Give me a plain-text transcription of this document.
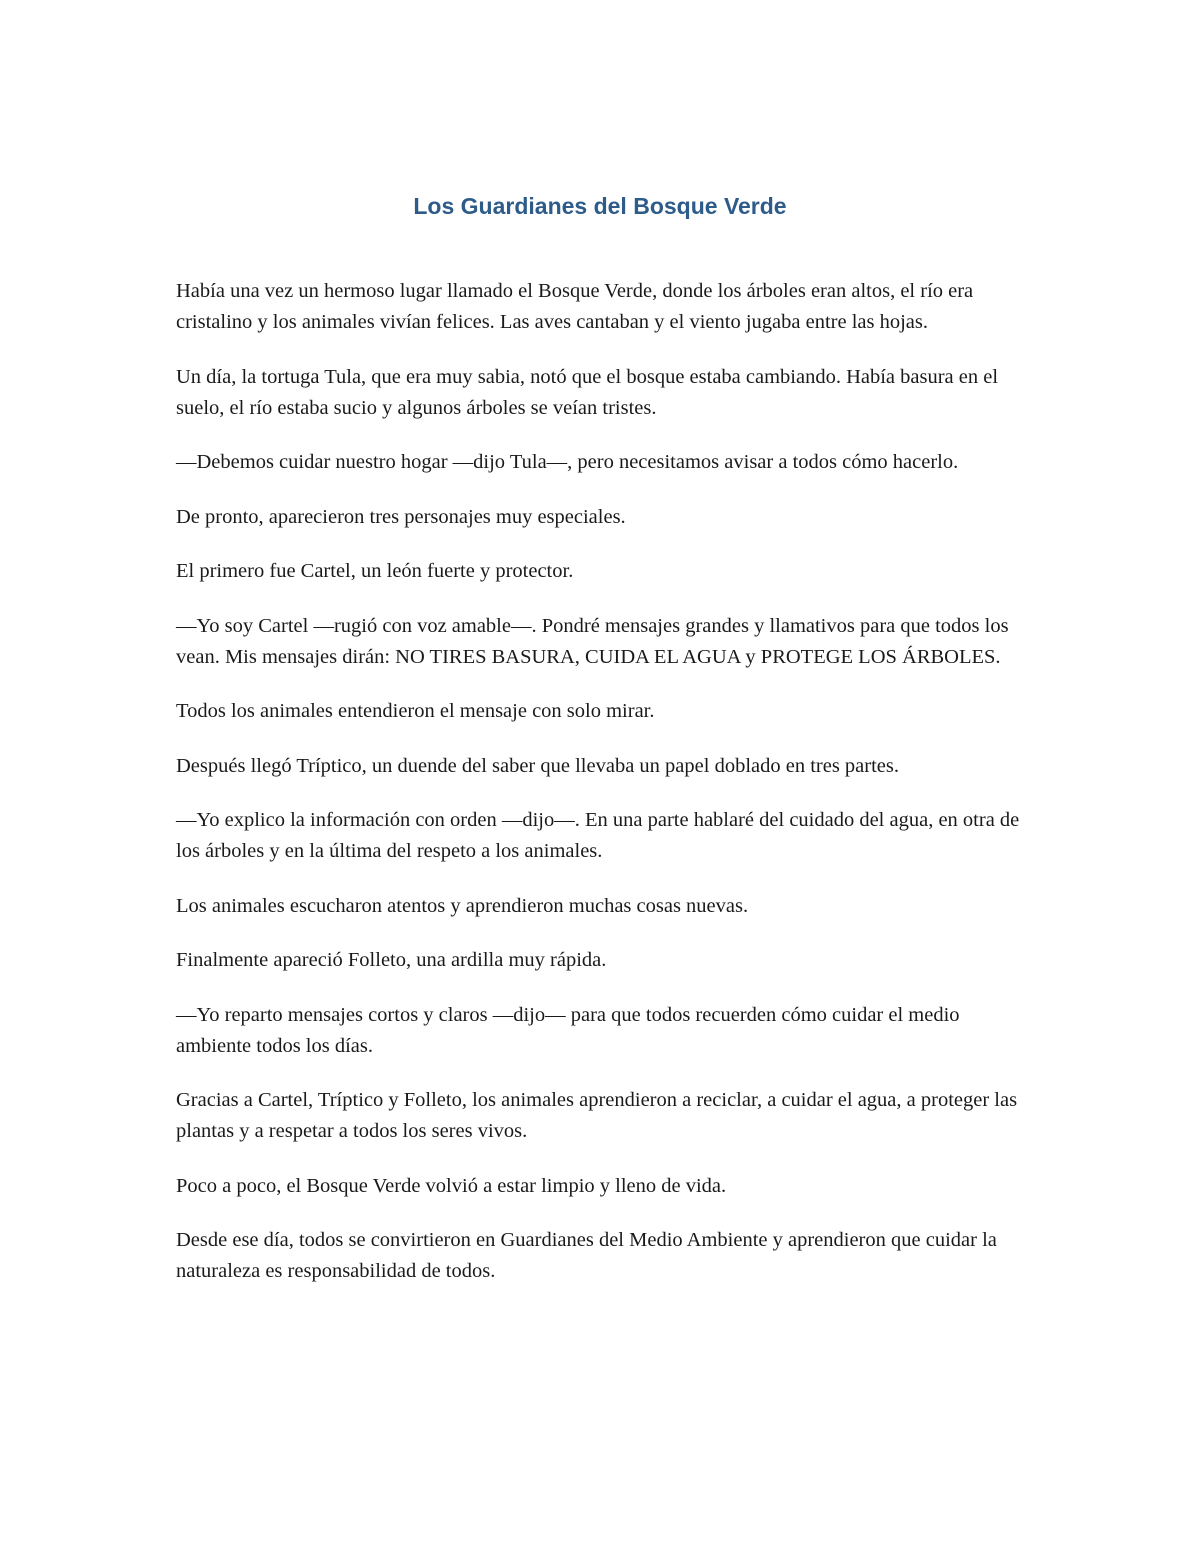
Los Guardianes del Bosque Verde

Había una vez un hermoso lugar llamado el Bosque Verde, donde los árboles eran altos, el río era cristalino y los animales vivían felices. Las aves cantaban y el viento jugaba entre las hojas.

Un día, la tortuga Tula, que era muy sabia, notó que el bosque estaba cambiando. Había basura en el suelo, el río estaba sucio y algunos árboles se veían tristes.

—Debemos cuidar nuestro hogar —dijo Tula—, pero necesitamos avisar a todos cómo hacerlo.

De pronto, aparecieron tres personajes muy especiales.

El primero fue Cartel, un león fuerte y protector.

—Yo soy Cartel —rugió con voz amable—. Pondré mensajes grandes y llamativos para que todos los vean. Mis mensajes dirán: NO TIRES BASURA, CUIDA EL AGUA y PROTEGE LOS ÁRBOLES.

Todos los animales entendieron el mensaje con solo mirar.

Después llegó Tríptico, un duende del saber que llevaba un papel doblado en tres partes.

—Yo explico la información con orden —dijo—. En una parte hablaré del cuidado del agua, en otra de los árboles y en la última del respeto a los animales.

Los animales escucharon atentos y aprendieron muchas cosas nuevas.

Finalmente apareció Folleto, una ardilla muy rápida.

—Yo reparto mensajes cortos y claros —dijo— para que todos recuerden cómo cuidar el medio ambiente todos los días.

Gracias a Cartel, Tríptico y Folleto, los animales aprendieron a reciclar, a cuidar el agua, a proteger las plantas y a respetar a todos los seres vivos.

Poco a poco, el Bosque Verde volvió a estar limpio y lleno de vida.

Desde ese día, todos se convirtieron en Guardianes del Medio Ambiente y aprendieron que cuidar la naturaleza es responsabilidad de todos.
